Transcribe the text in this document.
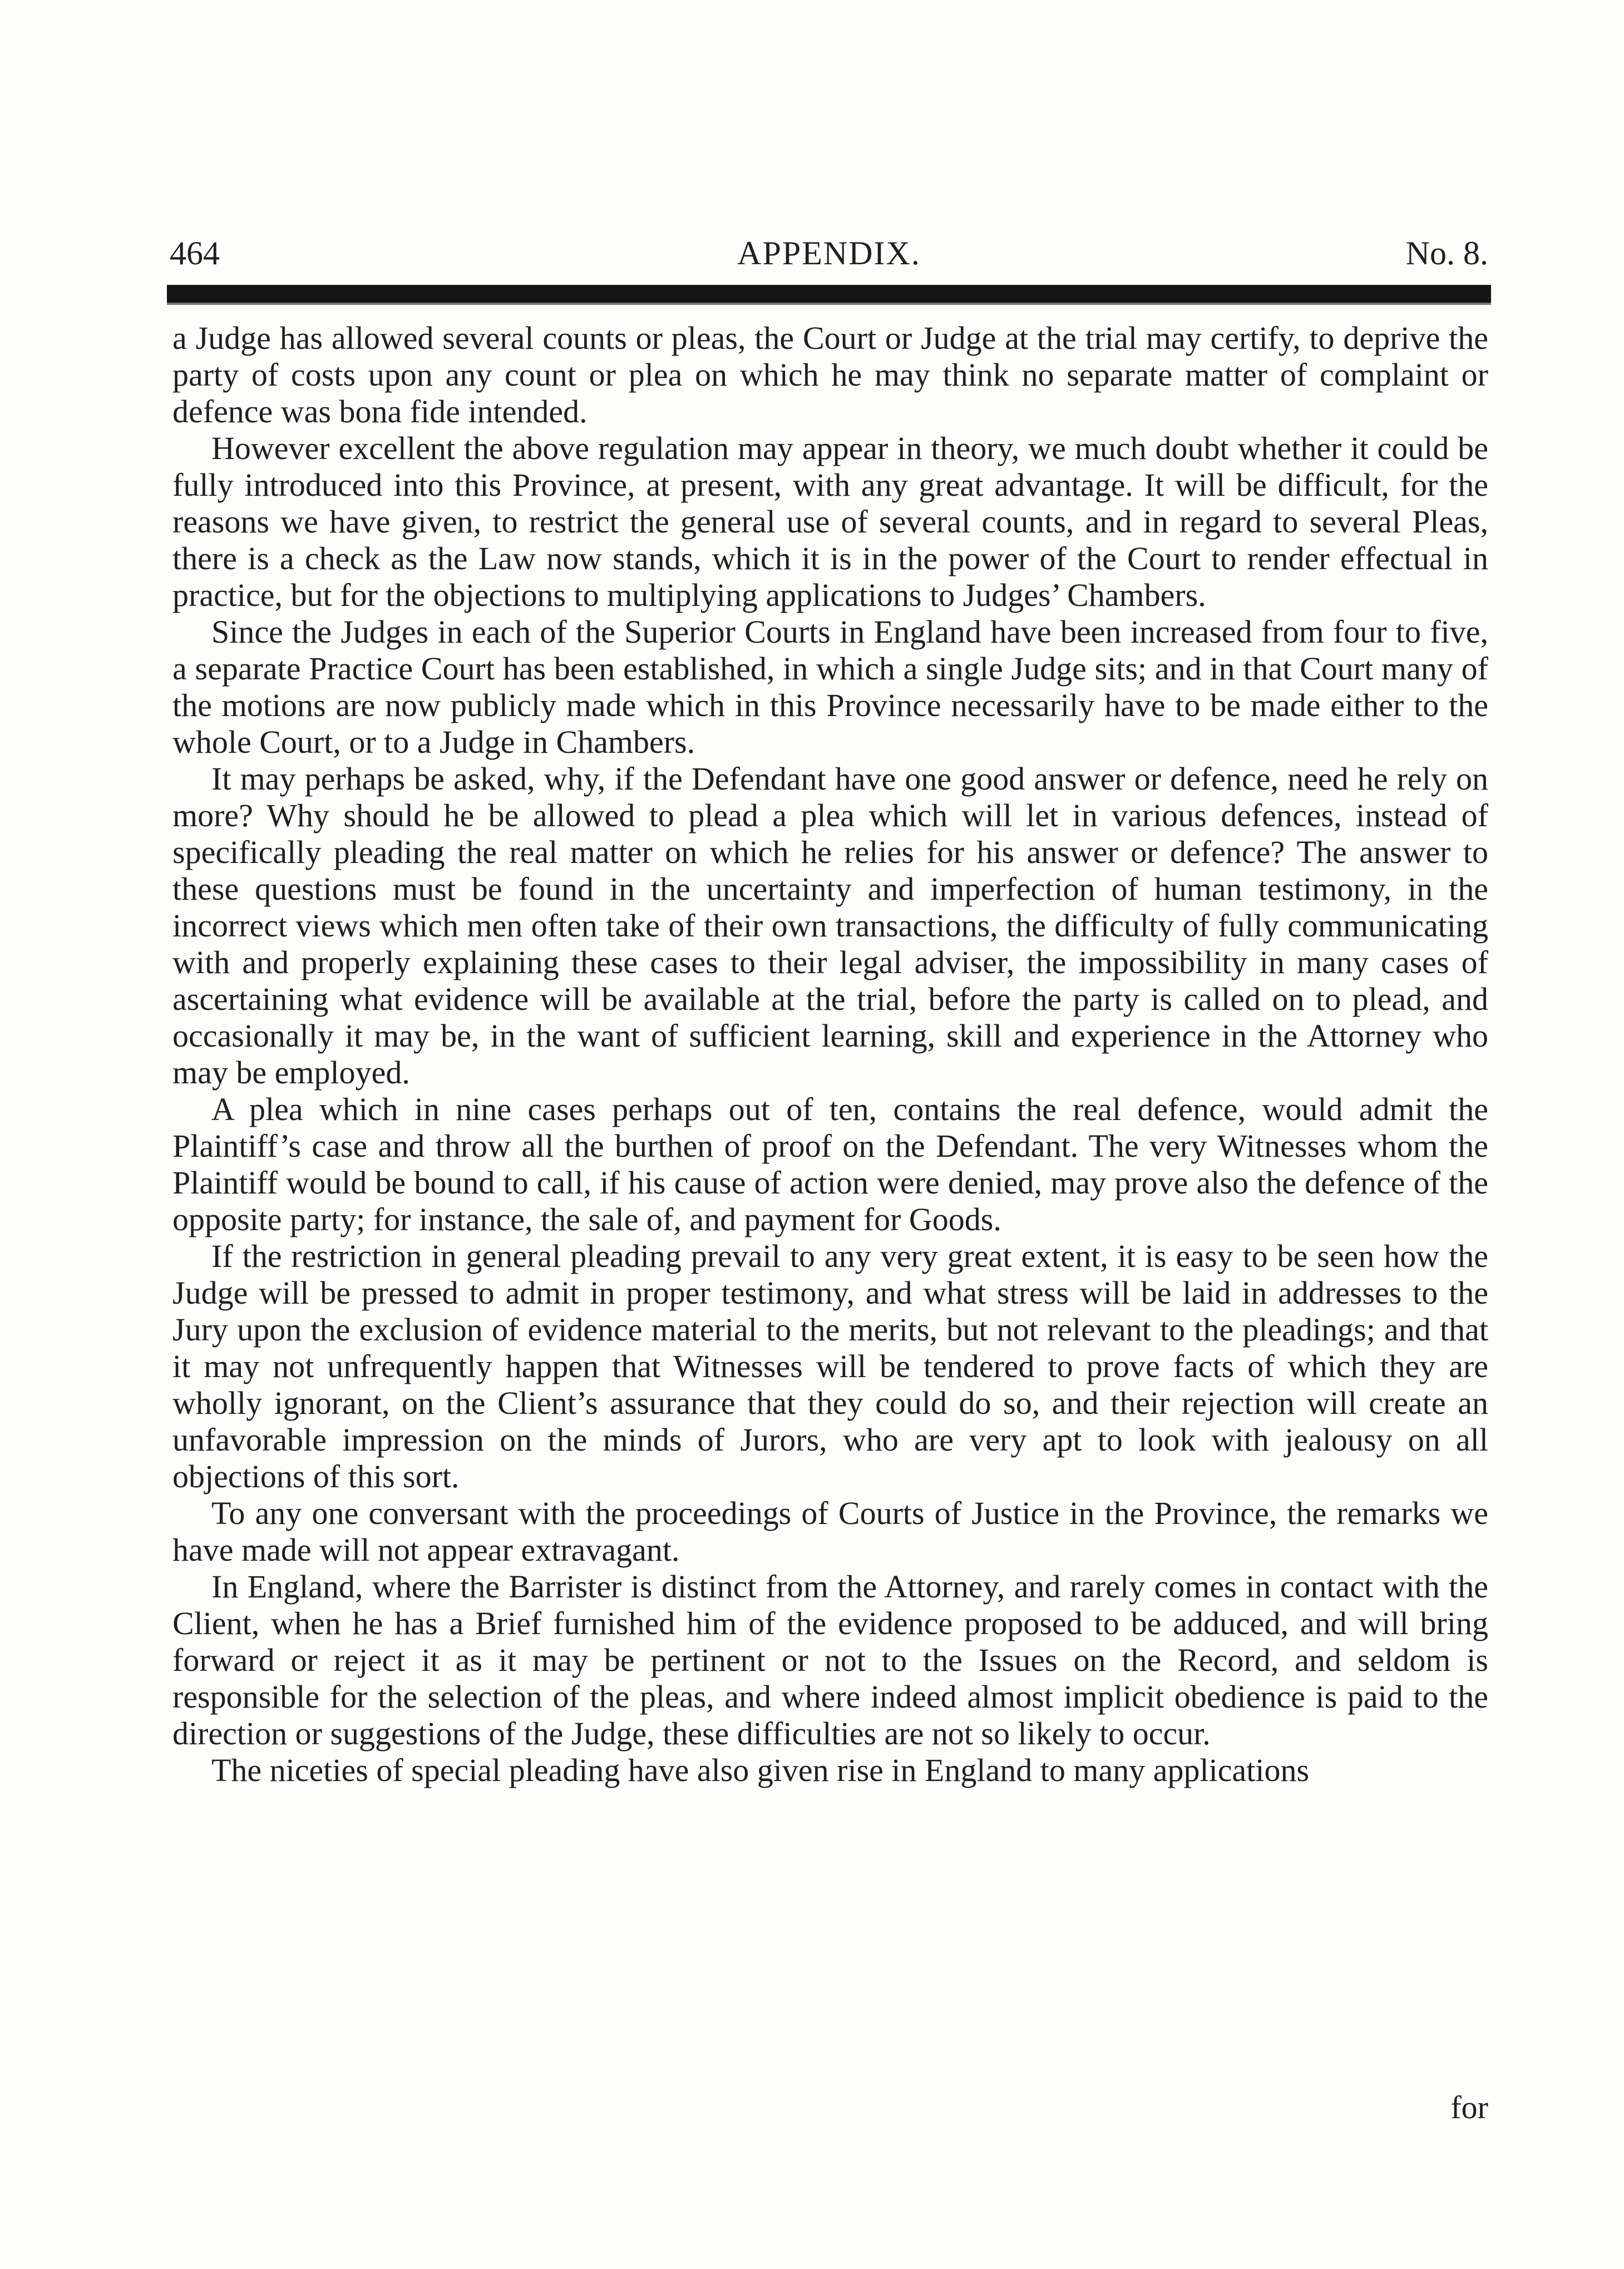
464	APPENDIX.	No. 8.

a Judge has allowed several counts or pleas, the Court or Judge at the trial may certify, to deprive the party of costs upon any count or plea on which he may think no separate matter of complaint or defence was bona fide intended.

However excellent the above regulation may appear in theory, we much doubt whether it could be fully introduced into this Province, at present, with any great advantage. It will be difficult, for the reasons we have given, to restrict the general use of several counts, and in regard to several Pleas, there is a check as the Law now stands, which it is in the power of the Court to render effectual in practice, but for the objections to multiplying applications to Judges’ Chambers.

Since the Judges in each of the Superior Courts in England have been increased from four to five, a separate Practice Court has been established, in which a single Judge sits; and in that Court many of the motions are now publicly made which in this Province necessarily have to be made either to the whole Court, or to a Judge in Chambers.

It may perhaps be asked, why, if the Defendant have one good answer or defence, need he rely on more? Why should he be allowed to plead a plea which will let in various defences, instead of specifically pleading the real matter on which he relies for his answer or defence? The answer to these questions must be found in the uncertainty and imperfection of human testimony, in the incorrect views which men often take of their own transactions, the difficulty of fully communicating with and properly explaining these cases to their legal adviser, the impossibility in many cases of ascertaining what evidence will be available at the trial, before the party is called on to plead, and occasionally it may be, in the want of sufficient learning, skill and experience in the Attorney who may be employed.

A plea which in nine cases perhaps out of ten, contains the real defence, would admit the Plaintiff’s case and throw all the burthen of proof on the Defendant. The very Witnesses whom the Plaintiff would be bound to call, if his cause of action were denied, may prove also the defence of the opposite party; for instance, the sale of, and payment for Goods.

If the restriction in general pleading prevail to any very great extent, it is easy to be seen how the Judge will be pressed to admit in proper testimony, and what stress will be laid in addresses to the Jury upon the exclusion of evidence material to the merits, but not relevant to the pleadings; and that it may not unfrequently happen that Witnesses will be tendered to prove facts of which they are wholly ignorant, on the Client’s assurance that they could do so, and their rejection will create an unfavorable impression on the minds of Jurors, who are very apt to look with jealousy on all objections of this sort.

To any one conversant with the proceedings of Courts of Justice in the Province, the remarks we have made will not appear extravagant.

In England, where the Barrister is distinct from the Attorney, and rarely comes in contact with the Client, when he has a Brief furnished him of the evidence proposed to be adduced, and will bring forward or reject it as it may be pertinent or not to the Issues on the Record, and seldom is responsible for the selection of the pleas, and where indeed almost implicit obedience is paid to the direction or suggestions of the Judge, these difficulties are not so likely to occur.

The niceties of special pleading have also given rise in England to many applications

for
